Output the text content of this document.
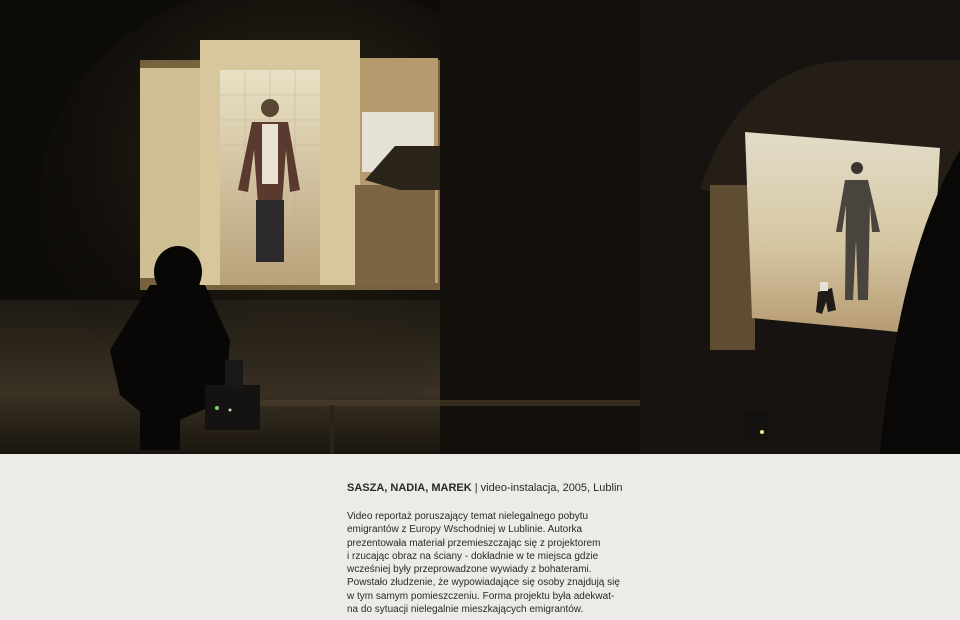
SASZA, NADIA, MAREK | video-instalacja, 2005, Lublin

Video reportaż poruszający temat nielegalnego pobytu
emigrantów z Europy Wschodniej w Lublinie. Autorka
prezentowała materiał przemieszczając się z projektorem
i rzucając obraz na ściany - dokładnie w te miejsca gdzie
wcześniej były przeprowadzone wywiady z bohaterami.
Powstało złudzenie, że wypowiadające się osoby znajdują się
w tym samym pomieszczeniu. Forma projektu była adekwat-
na do sytuacji nielegalnie mieszkających emigrantów.
